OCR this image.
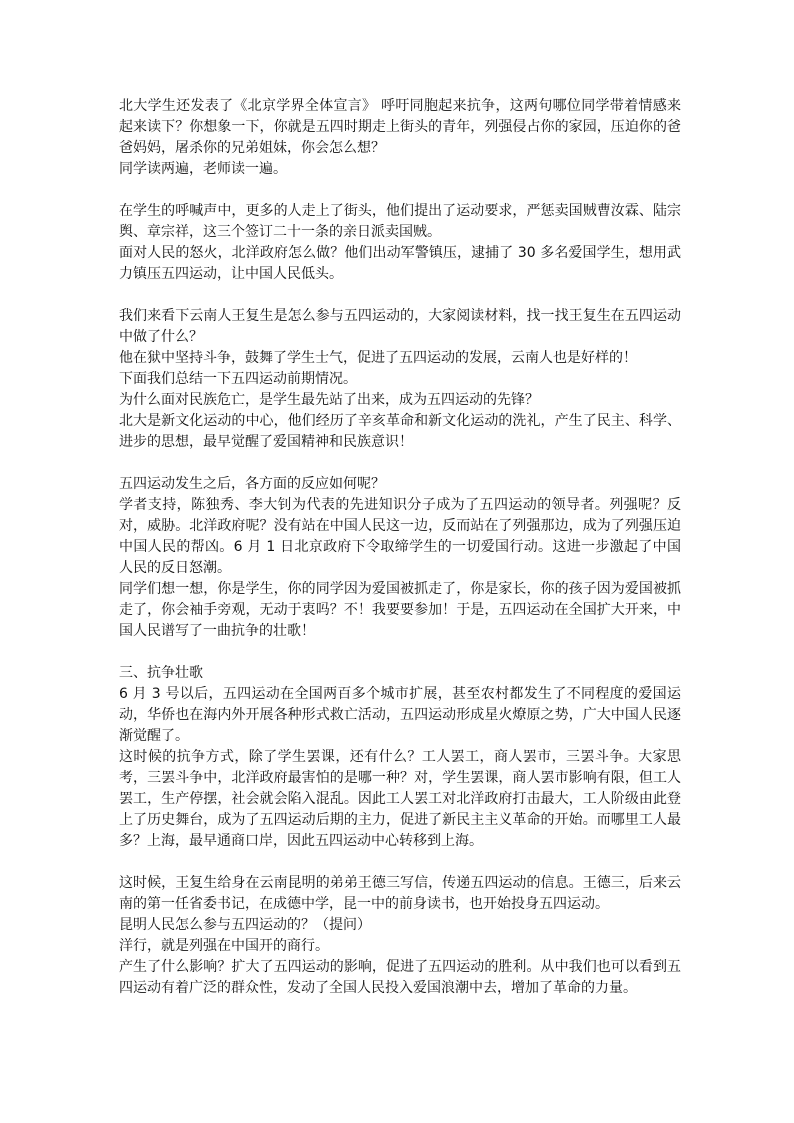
北大学生还发表了《北京学界全体宣言》 呼吁同胞起来抗争，这两句哪位同学带着情感来起来读下？你想象一下，你就是五四时期走上街头的青年，列强侵占你的家园，压迫你的爸爸妈妈，屠杀你的兄弟姐妹，你会怎么想？

同学读两遍，老师读一遍。

在学生的呼喊声中，更多的人走上了街头，他们提出了运动要求，严惩卖国贼曹汝霖、陆宗舆、章宗祥，这三个签订二十一条的亲日派卖国贼。

面对人民的怒火，北洋政府怎么做？他们出动军警镇压，逮捕了 30 多名爱国学生，想用武力镇压五四运动，让中国人民低头。

我们来看下云南人王复生是怎么参与五四运动的，大家阅读材料，找一找王复生在五四运动中做了什么？

他在狱中坚持斗争，鼓舞了学生士气，促进了五四运动的发展，云南人也是好样的！

下面我们总结一下五四运动前期情况。

为什么面对民族危亡，是学生最先站了出来，成为五四运动的先锋？

北大是新文化运动的中心，他们经历了辛亥革命和新文化运动的洗礼，产生了民主、科学、进步的思想，最早觉醒了爱国精神和民族意识！

五四运动发生之后，各方面的反应如何呢？

学者支持，陈独秀、李大钊为代表的先进知识分子成为了五四运动的领导者。列强呢？反对，威胁。北洋政府呢？没有站在中国人民这一边，反而站在了列强那边，成为了列强压迫中国人民的帮凶。6 月 1 日北京政府下令取缔学生的一切爱国行动。这进一步激起了中国人民的反日怒潮。

同学们想一想，你是学生，你的同学因为爱国被抓走了，你是家长，你的孩子因为爱国被抓走了，你会袖手旁观，无动于衷吗？不！我要要参加！于是，五四运动在全国扩大开来，中国人民谱写了一曲抗争的壮歌！

三、抗争壮歌

6 月 3 号以后，五四运动在全国两百多个城市扩展，甚至农村都发生了不同程度的爱国运动，华侨也在海内外开展各种形式救亡活动，五四运动形成星火燎原之势，广大中国人民逐渐觉醒了。

这时候的抗争方式，除了学生罢课，还有什么？工人罢工，商人罢市，三罢斗争。大家思考，三罢斗争中，北洋政府最害怕的是哪一种？对，学生罢课，商人罢市影响有限，但工人罢工，生产停摆，社会就会陷入混乱。因此工人罢工对北洋政府打击最大，工人阶级由此登上了历史舞台，成为了五四运动后期的主力，促进了新民主主义革命的开始。而哪里工人最多？上海，最早通商口岸，因此五四运动中心转移到上海。

这时候，王复生给身在云南昆明的弟弟王德三写信，传递五四运动的信息。王德三，后来云南的第一任省委书记，在成德中学，昆一中的前身读书，也开始投身五四运动。

昆明人民怎么参与五四运动的？（提问）

洋行，就是列强在中国开的商行。

产生了什么影响？扩大了五四运动的影响，促进了五四运动的胜利。从中我们也可以看到五四运动有着广泛的群众性，发动了全国人民投入爱国浪潮中去，增加了革命的力量。
